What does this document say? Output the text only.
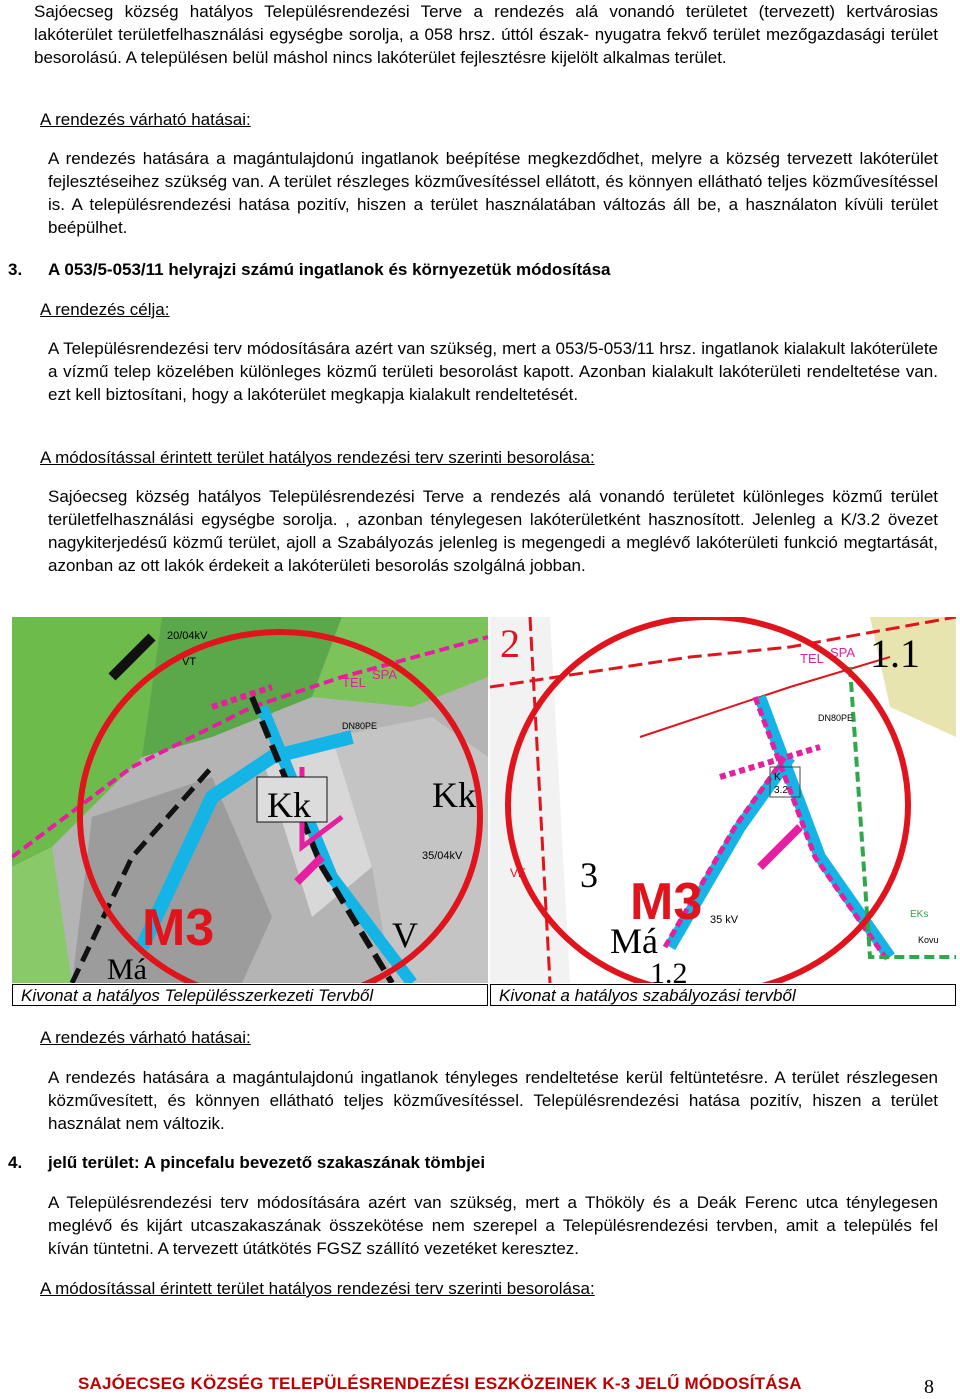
Sajóecseg község hatályos Településrendezési Terve a rendezés alá vonandó területet (tervezett) kertvárosias lakóterület területfelhasználási egységbe sorolja, a 058 hrsz. úttól észak- nyugatra fekvő terület mezőgazdasági terület besorolású. A településen belül máshol nincs lakóterület fejlesztésre kijelölt alkalmas terület.

A rendezés várható hatásai:

A rendezés hatására a magántulajdonú ingatlanok beépítése megkezdődhet, melyre a község tervezett lakóterület fejlesztéseihez szükség van. A terület részleges közművesítéssel ellátott, és könnyen ellátható teljes közművesítéssel is. A településrendezési hatása pozitív, hiszen a terület használatában változás áll be, a használaton kívüli terület beépülhet.

3. A 053/5-053/11 helyrajzi számú ingatlanok és környezetük módosítása
A rendezés célja:

A Településrendezési terv módosítására azért van szükség, mert a 053/5-053/11 hrsz. ingatlanok kialakult lakóterülete a vízmű telep közelében különleges közmű területi besorolást kapott. Azonban kialakult lakóterületi rendeltetése van. ezt kell biztosítani, hogy a lakóterület megkapja kialakult rendeltetését.

A módosítással érintett terület hatályos rendezési terv szerinti besorolása:

Sajóecseg község hatályos Településrendezési Terve a rendezés alá vonandó területet különleges közmű terület területfelhasználási egységbe sorolja. , azonban ténylegesen lakóterületként hasznosított. Jelenleg a K/3.2 övezet nagykiterjedésű közmű terület, ajoll a Szabályozás jelenleg is megengedi a meglévő lakóterületi funkció megtartását, azonban az ott lakók érdekeit a lakóterületi besorolás szolgálná jobban.

Kk	Kk
20/04kV
VT
35/04kV
TEL
SPA
DN80PE
V
Má
M3
2	1.1
K
3.2
3
Má
1.2
35 kV
TEL SPA
DN80PE
VE
EKs
Kovu
M3
Kivonat a hatályos Településszerkezeti Tervből	Kivonat a hatályos szabályozási tervből
A rendezés várható hatásai:

A rendezés hatására a magántulajdonú ingatlanok tényleges rendeltetése kerül feltüntetésre. A terület részlegesen közművesített, és könnyen ellátható teljes közművesítéssel. Településrendezési hatása pozitív, hiszen a terület használat nem változik.

4. jelű terület: A pincefalu bevezető szakaszának tömbjei

A Településrendezési terv módosítására azért van szükség, mert a Thököly és a Deák Ferenc utca ténylegesen meglévő és kijárt utcaszakaszának összekötése nem szerepel a Településrendezési tervben, amit a település fel kíván tüntetni. A tervezett útátkötés FGSZ szállító vezetéket keresztez.

A módosítással érintett terület hatályos rendezési terv szerinti besorolása:
SAJÓECSEG KÖZSÉG TELEPÜLÉSRENDEZÉSI ESZKÖZEINEK K-3 JELŰ MÓDOSÍTÁSA	8
